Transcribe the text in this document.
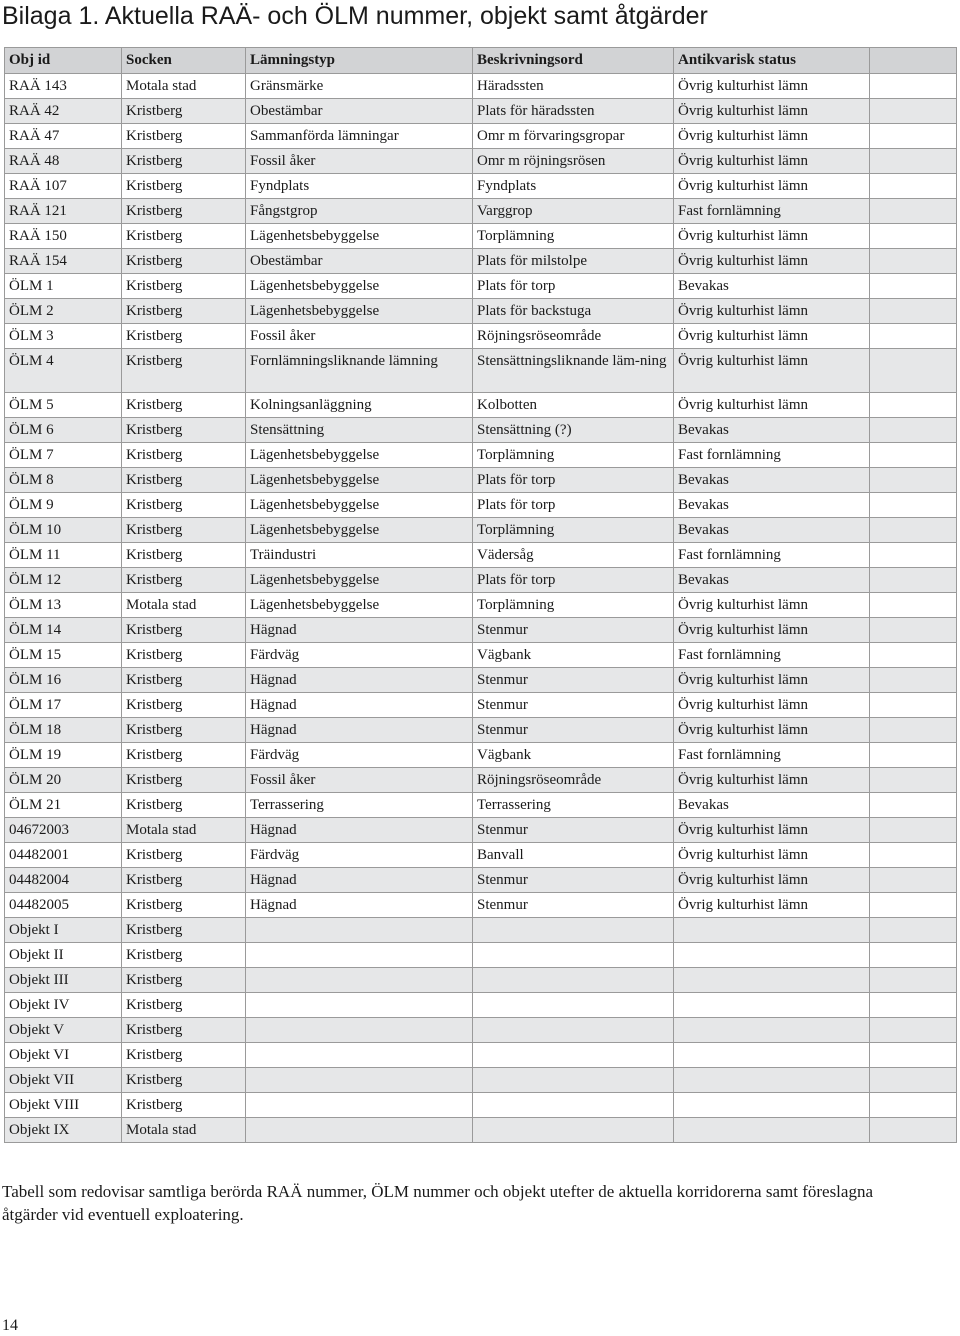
Bilaga 1. Aktuella RAÄ- och ÖLM nummer, objekt samt åtgärder
Obj id	Socken	Lämningstyp	Beskrivningsord	Antikvarisk status	
RAÄ 143	Motala stad	Gränsmärke	Häradssten	Övrig kulturhist lämn	
RAÄ 42	Kristberg	Obestämbar	Plats för häradssten	Övrig kulturhist lämn	
RAÄ 47	Kristberg	Sammanförda lämningar	Omr m förvaringsgropar	Övrig kulturhist lämn	
RAÄ 48	Kristberg	Fossil åker	Omr m röjningsrösen	Övrig kulturhist lämn	
RAÄ 107	Kristberg	Fyndplats	Fyndplats	Övrig kulturhist lämn	
RAÄ 121	Kristberg	Fångstgrop	Varggrop	Fast fornlämning	
RAÄ 150	Kristberg	Lägenhetsbebyggelse	Torplämning	Övrig kulturhist lämn	
RAÄ 154	Kristberg	Obestämbar	Plats för milstolpe	Övrig kulturhist lämn	
ÖLM 1	Kristberg	Lägenhetsbebyggelse	Plats för torp	Bevakas	
ÖLM 2	Kristberg	Lägenhetsbebyggelse	Plats för backstuga	Övrig kulturhist lämn	
ÖLM 3	Kristberg	Fossil åker	Röjningsröseområde	Övrig kulturhist lämn	
ÖLM 4	Kristberg	Fornlämningsliknande lämning	Stensättningsliknande läm-ning	Övrig kulturhist lämn	
ÖLM 5	Kristberg	Kolningsanläggning	Kolbotten	Övrig kulturhist lämn	
ÖLM 6	Kristberg	Stensättning	Stensättning (?)	Bevakas	
ÖLM 7	Kristberg	Lägenhetsbebyggelse	Torplämning	Fast fornlämning	
ÖLM 8	Kristberg	Lägenhetsbebyggelse	Plats för torp	Bevakas	
ÖLM 9	Kristberg	Lägenhetsbebyggelse	Plats för torp	Bevakas	
ÖLM 10	Kristberg	Lägenhetsbebyggelse	Torplämning	Bevakas	
ÖLM 11	Kristberg	Träindustri	Vädersåg	Fast fornlämning	
ÖLM 12	Kristberg	Lägenhetsbebyggelse	Plats för torp	Bevakas	
ÖLM 13	Motala stad	Lägenhetsbebyggelse	Torplämning	Övrig kulturhist lämn	
ÖLM 14	Kristberg	Hägnad	Stenmur	Övrig kulturhist lämn	
ÖLM 15	Kristberg	Färdväg	Vägbank	Fast fornlämning	
ÖLM 16	Kristberg	Hägnad	Stenmur	Övrig kulturhist lämn	
ÖLM 17	Kristberg	Hägnad	Stenmur	Övrig kulturhist lämn	
ÖLM 18	Kristberg	Hägnad	Stenmur	Övrig kulturhist lämn	
ÖLM 19	Kristberg	Färdväg	Vägbank	Fast fornlämning	
ÖLM 20	Kristberg	Fossil åker	Röjningsröseområde	Övrig kulturhist lämn	
ÖLM 21	Kristberg	Terrassering	Terrassering	Bevakas	
04672003	Motala stad	Hägnad	Stenmur	Övrig kulturhist lämn	
04482001	Kristberg	Färdväg	Banvall	Övrig kulturhist lämn	
04482004	Kristberg	Hägnad	Stenmur	Övrig kulturhist lämn	
04482005	Kristberg	Hägnad	Stenmur	Övrig kulturhist lämn	
Objekt I	Kristberg				
Objekt II	Kristberg				
Objekt III	Kristberg				
Objekt IV	Kristberg				
Objekt V	Kristberg				
Objekt VI	Kristberg				
Objekt VII	Kristberg				
Objekt VIII	Kristberg				
Objekt IX	Motala stad				

Tabell som redovisar samtliga berörda RAÄ nummer, ÖLM nummer och objekt utefter de aktuella korridorerna samt föreslagna åtgärder vid eventuell exploatering.

14
